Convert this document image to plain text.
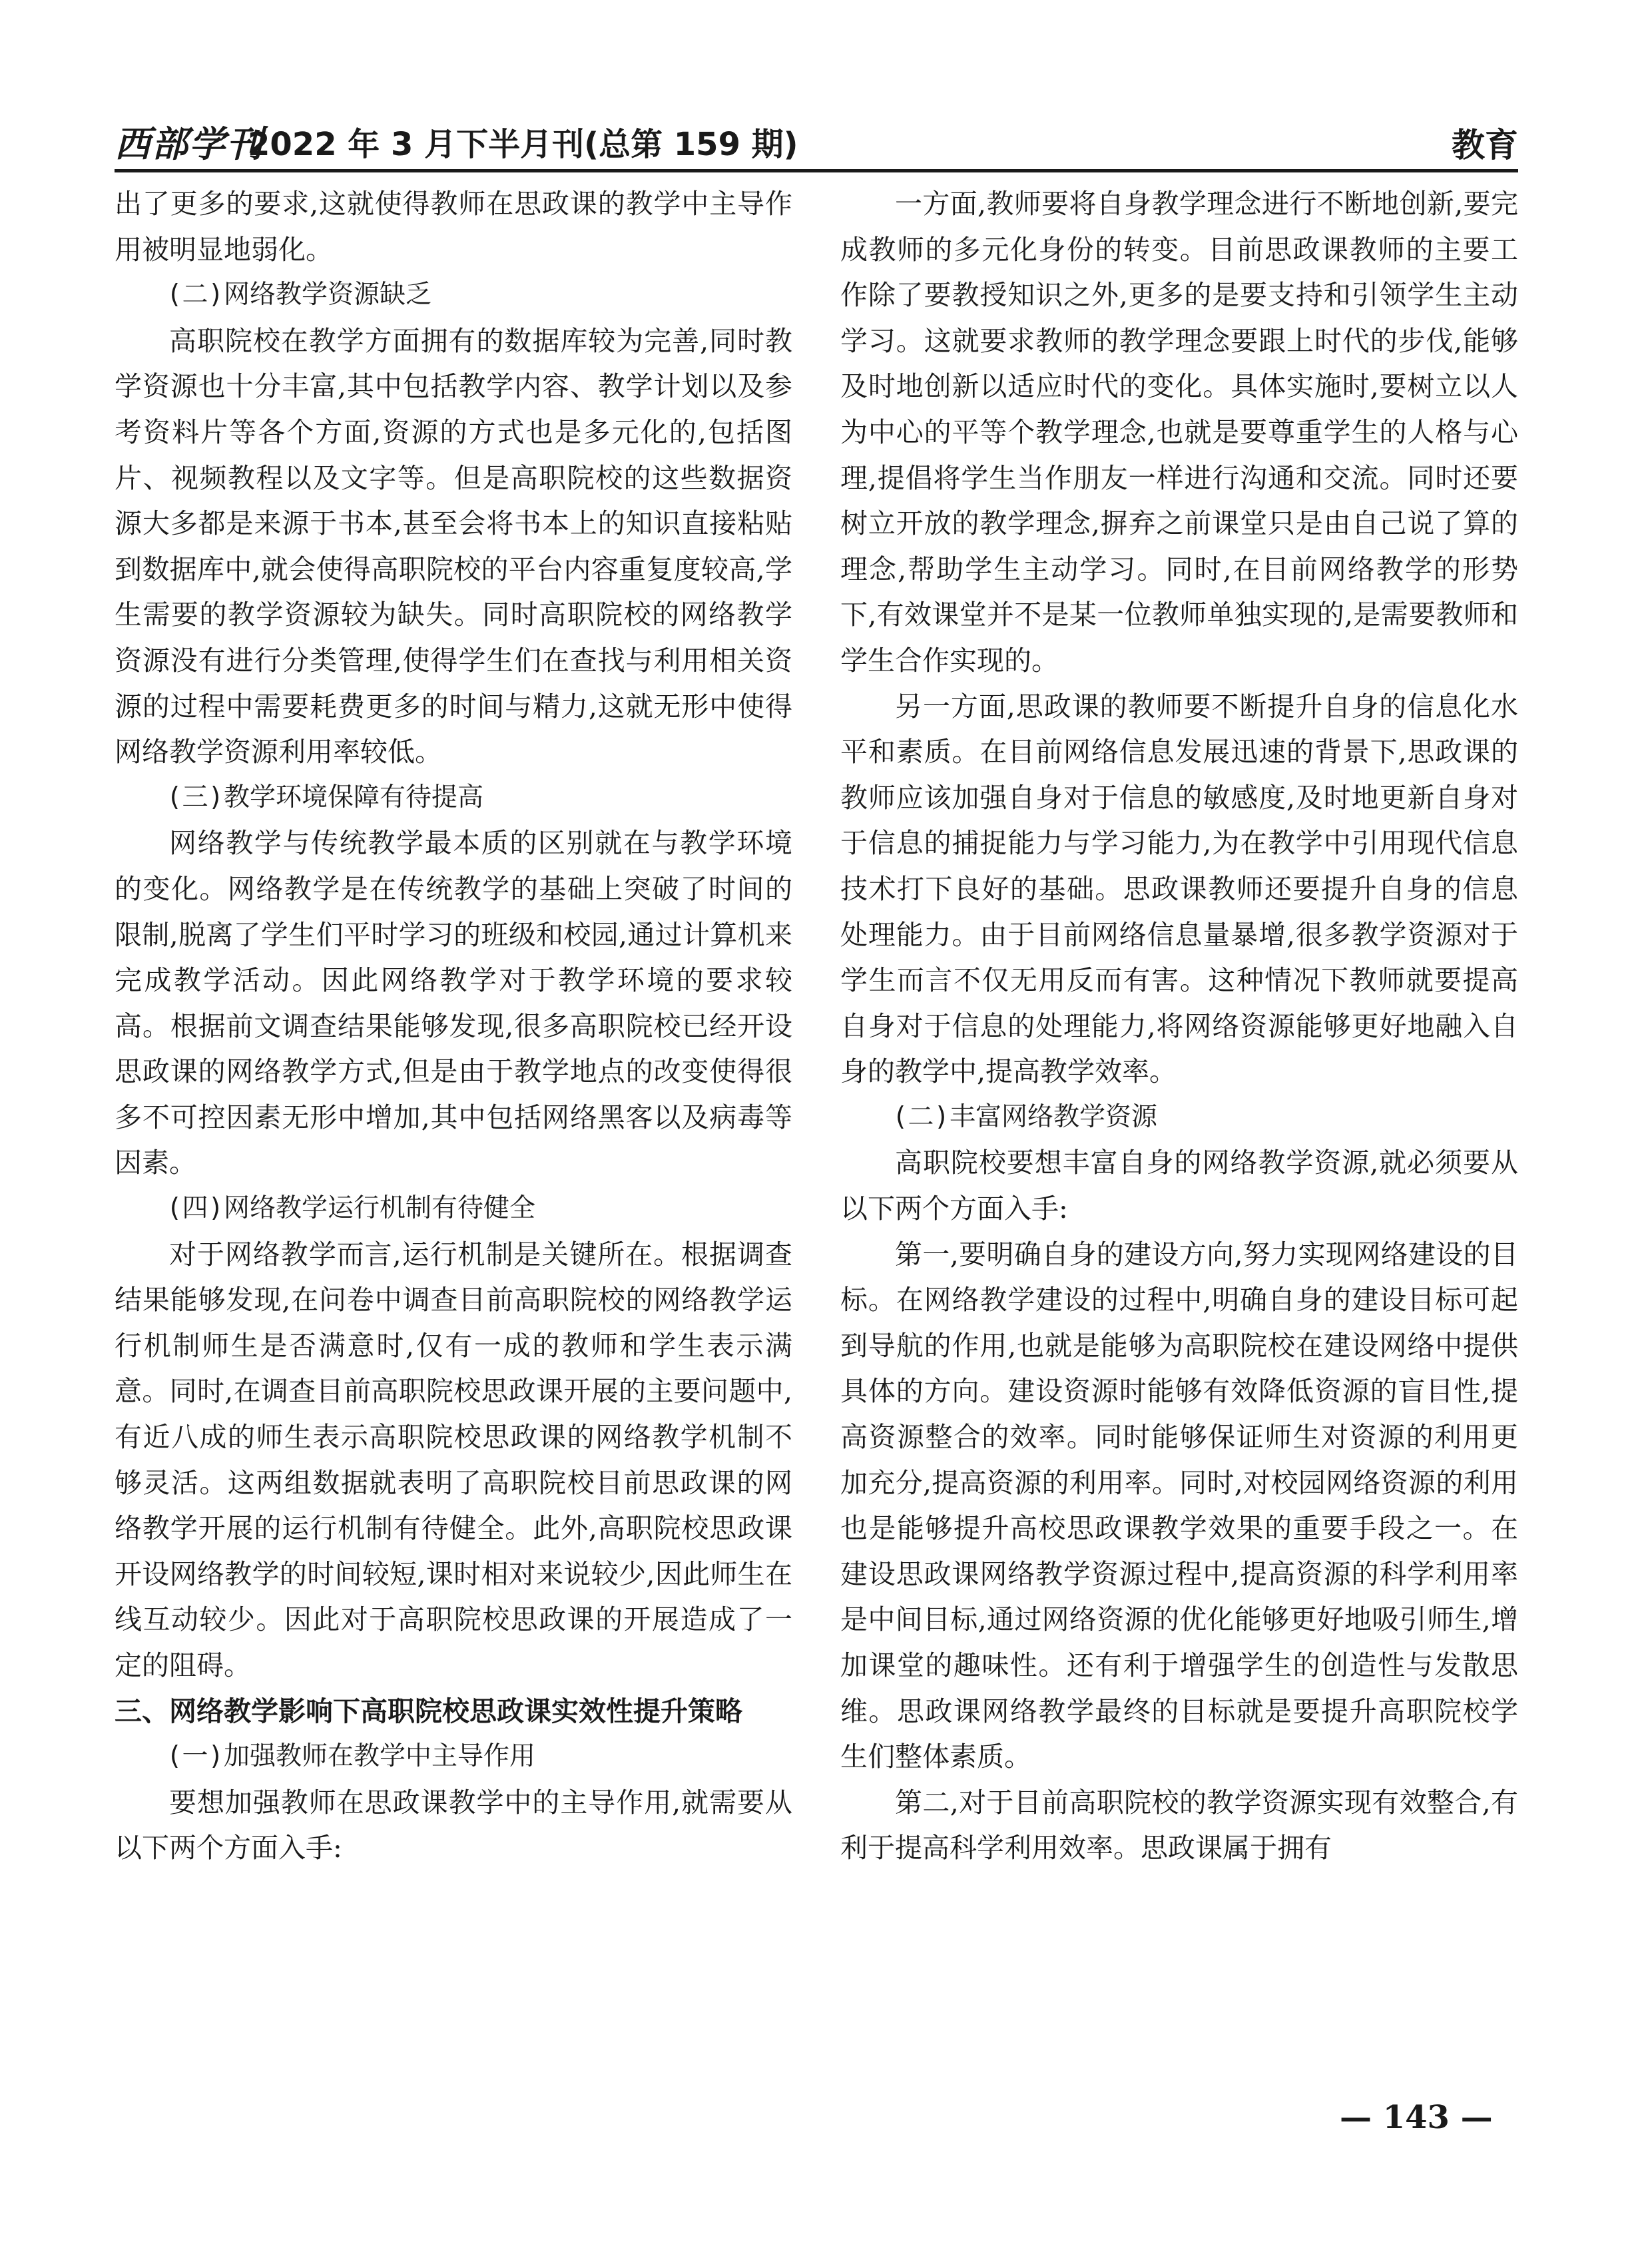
西部学刊
2022 年 3 月下半月刊(总第 159 期)	教育

出了更多的要求,这就使得教师在思政课的教学中主导作用被明显地弱化。

(二)网络教学资源缺乏

高职院校在教学方面拥有的数据库较为完善,同时教学资源也十分丰富,其中包括教学内容、教学计划以及参考资料片等各个方面,资源的方式也是多元化的,包括图片、视频教程以及文字等。但是高职院校的这些数据资源大多都是来源于书本,甚至会将书本上的知识直接粘贴到数据库中,就会使得高职院校的平台内容重复度较高,学生需要的教学资源较为缺失。同时高职院校的网络教学资源没有进行分类管理,使得学生们在查找与利用相关资源的过程中需要耗费更多的时间与精力,这就无形中使得网络教学资源利用率较低。

(三)教学环境保障有待提高

网络教学与传统教学最本质的区别就在与教学环境的变化。网络教学是在传统教学的基础上突破了时间的限制,脱离了学生们平时学习的班级和校园,通过计算机来完成教学活动。因此网络教学对于教学环境的要求较高。根据前文调查结果能够发现,很多高职院校已经开设思政课的网络教学方式,但是由于教学地点的改变使得很多不可控因素无形中增加,其中包括网络黑客以及病毒等因素。

(四)网络教学运行机制有待健全

对于网络教学而言,运行机制是关键所在。根据调查结果能够发现,在问卷中调查目前高职院校的网络教学运行机制师生是否满意时,仅有一成的教师和学生表示满意。同时,在调查目前高职院校思政课开展的主要问题中,有近八成的师生表示高职院校思政课的网络教学机制不够灵活。这两组数据就表明了高职院校目前思政课的网络教学开展的运行机制有待健全。此外,高职院校思政课开设网络教学的时间较短,课时相对来说较少,因此师生在线互动较少。因此对于高职院校思政课的开展造成了一定的阻碍。

三、网络教学影响下高职院校思政课实效性提升策略

(一)加强教师在教学中主导作用

要想加强教师在思政课教学中的主导作用,就需要从以下两个方面入手:

一方面,教师要将自身教学理念进行不断地创新,要完成教师的多元化身份的转变。目前思政课教师的主要工作除了要教授知识之外,更多的是要支持和引领学生主动学习。这就要求教师的教学理念要跟上时代的步伐,能够及时地创新以适应时代的变化。具体实施时,要树立以人为中心的平等个教学理念,也就是要尊重学生的人格与心理,提倡将学生当作朋友一样进行沟通和交流。同时还要树立开放的教学理念,摒弃之前课堂只是由自己说了算的理念,帮助学生主动学习。同时,在目前网络教学的形势下,有效课堂并不是某一位教师单独实现的,是需要教师和学生合作实现的。

另一方面,思政课的教师要不断提升自身的信息化水平和素质。在目前网络信息发展迅速的背景下,思政课的教师应该加强自身对于信息的敏感度,及时地更新自身对于信息的捕捉能力与学习能力,为在教学中引用现代信息技术打下良好的基础。思政课教师还要提升自身的信息处理能力。由于目前网络信息量暴增,很多教学资源对于学生而言不仅无用反而有害。这种情况下教师就要提高自身对于信息的处理能力,将网络资源能够更好地融入自身的教学中,提高教学效率。

(二)丰富网络教学资源

高职院校要想丰富自身的网络教学资源,就必须要从以下两个方面入手:

第一,要明确自身的建设方向,努力实现网络建设的目标。在网络教学建设的过程中,明确自身的建设目标可起到导航的作用,也就是能够为高职院校在建设网络中提供具体的方向。建设资源时能够有效降低资源的盲目性,提高资源整合的效率。同时能够保证师生对资源的利用更加充分,提高资源的利用率。同时,对校园网络资源的利用也是能够提升高校思政课教学效果的重要手段之一。在建设思政课网络教学资源过程中,提高资源的科学利用率是中间目标,通过网络资源的优化能够更好地吸引师生,增加课堂的趣味性。还有利于增强学生的创造性与发散思维。思政课网络教学最终的目标就是要提升高职院校学生们整体素质。

第二,对于目前高职院校的教学资源实现有效整合,有利于提高科学利用效率。思政课属于拥有

— 143 —
